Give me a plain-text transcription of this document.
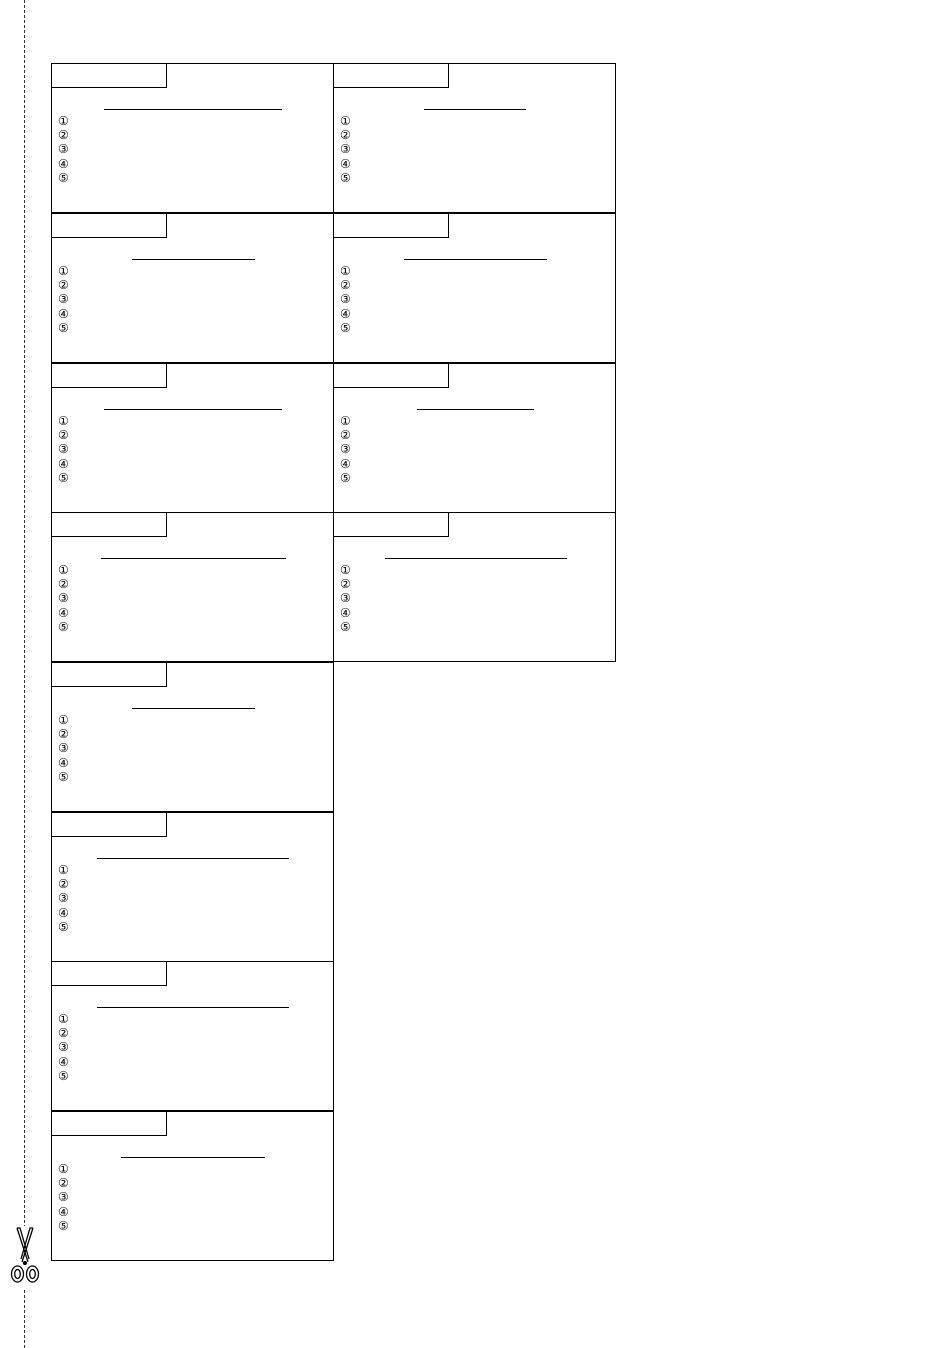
①
②
③
④
⑤
①
②
③
④
⑤
①
②
③
④
⑤
①
②
③
④
⑤
①
②
③
④
⑤
①
②
③
④
⑤
①
②
③
④
⑤
①
②
③
④
⑤
①
②
③
④
⑤
①
②
③
④
⑤
①
②
③
④
⑤
①
②
③
④
⑤
